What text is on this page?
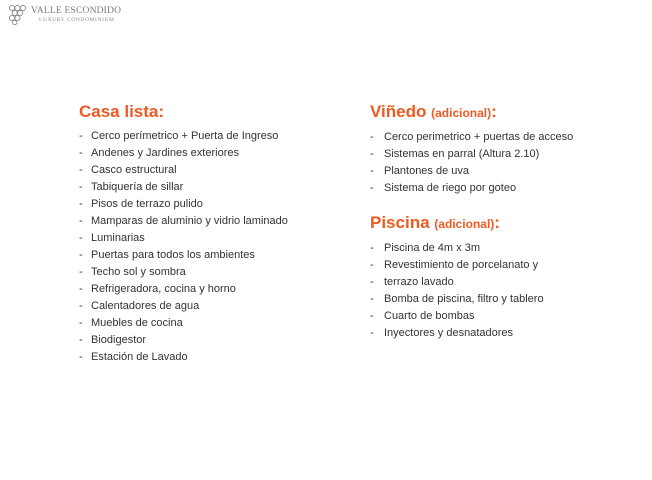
VALLE ESCONDIDO
LUXURY CONDOMINIUM
Casa lista:
- Cerco perímetrico + Puerta de Ingreso
- Andenes y Jardines exteriores
- Casco estructural
- Tabiquería de sillar
- Pisos de terrazo pulido
- Mamparas de aluminio y vidrio laminado
- Luminarias
- Puertas para todos los ambientes
- Techo sol y sombra
- Refrigeradora, cocina y horno
- Calentadores de agua
- Muebles de cocina
- Biodigestor
- Estación de Lavado
Viñedo (adicional):
- Cerco perimetrico + puertas de acceso
- Sistemas en parral (Altura 2.10)
- Plantones de uva
- Sistema de riego por goteo
Piscina (adicional):
- Piscina de 4m x 3m
- Revestimiento de porcelanato y
- terrazo lavado
- Bomba de piscina, filtro y tablero
- Cuarto de bombas
- Inyectores y desnatadores
